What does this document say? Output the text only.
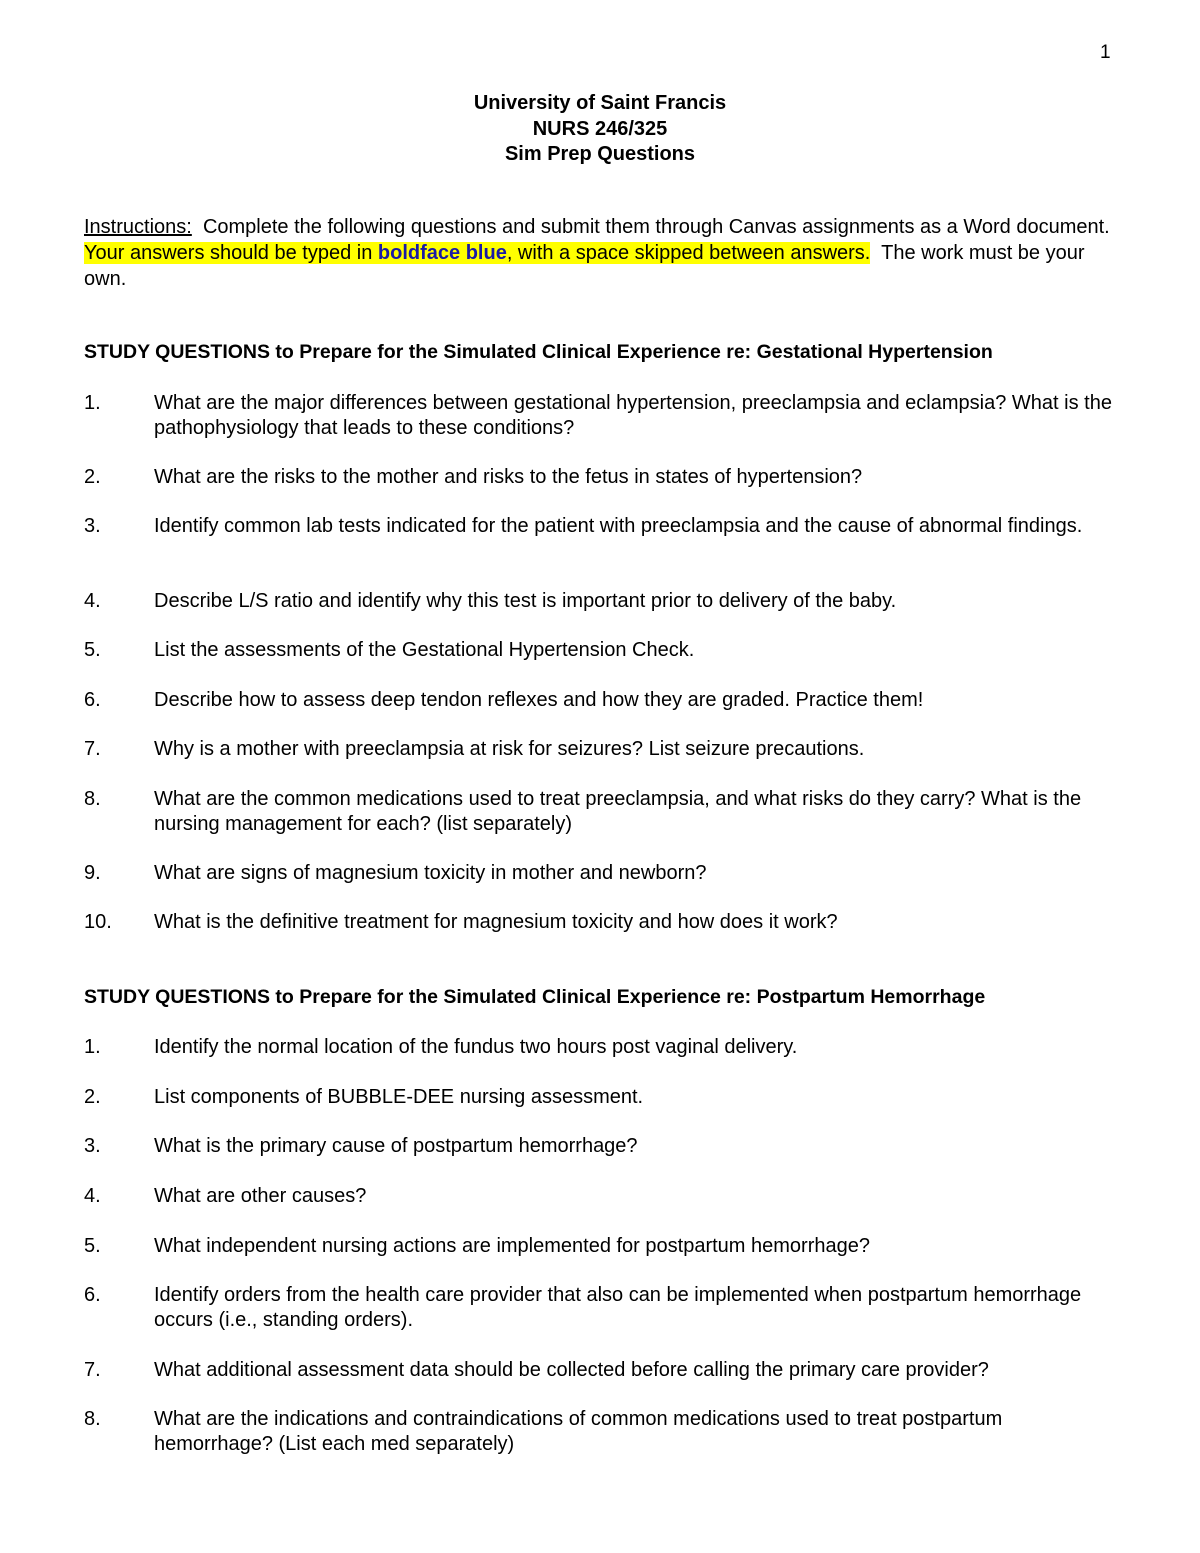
1
University of Saint Francis
NURS 246/325
Sim Prep Questions
Instructions:  Complete the following questions and submit them through Canvas assignments as a Word document.  Your answers should be typed in boldface blue, with a space skipped between answers.  The work must be your own.
STUDY QUESTIONS to Prepare for the Simulated Clinical Experience re: Gestational Hypertension
1.	What are the major differences between gestational hypertension, preeclampsia and eclampsia? What is the pathophysiology that leads to these conditions?
2.	What are the risks to the mother and risks to the fetus in states of hypertension?
3.	Identify common lab tests indicated for the patient with preeclampsia and the cause of abnormal findings.
4.	Describe L/S ratio and identify why this test is important prior to delivery of the baby.
5.	List the assessments of the Gestational Hypertension Check.
6.	Describe how to assess deep tendon reflexes and how they are graded. Practice them!
7.	Why is a mother with preeclampsia at risk for seizures? List seizure precautions.
8.	What are the common medications used to treat preeclampsia, and what risks do they carry? What is the nursing management for each? (list separately)
9.	What are signs of magnesium toxicity in mother and newborn?
10. What is the definitive treatment for magnesium toxicity and how does it work?
STUDY QUESTIONS to Prepare for the Simulated Clinical Experience re: Postpartum Hemorrhage
1.	Identify the normal location of the fundus two hours post vaginal delivery.
2.	List components of BUBBLE-DEE nursing assessment.
3.	What is the primary cause of postpartum hemorrhage?
4.	What are other causes?
5.	What independent nursing actions are implemented for postpartum hemorrhage?
6.	Identify orders from the health care provider that also can be implemented when postpartum hemorrhage occurs (i.e., standing orders).
7.	What additional assessment data should be collected before calling the primary care provider?
8.	What are the indications and contraindications of common medications used to treat postpartum hemorrhage? (List each med separately)
